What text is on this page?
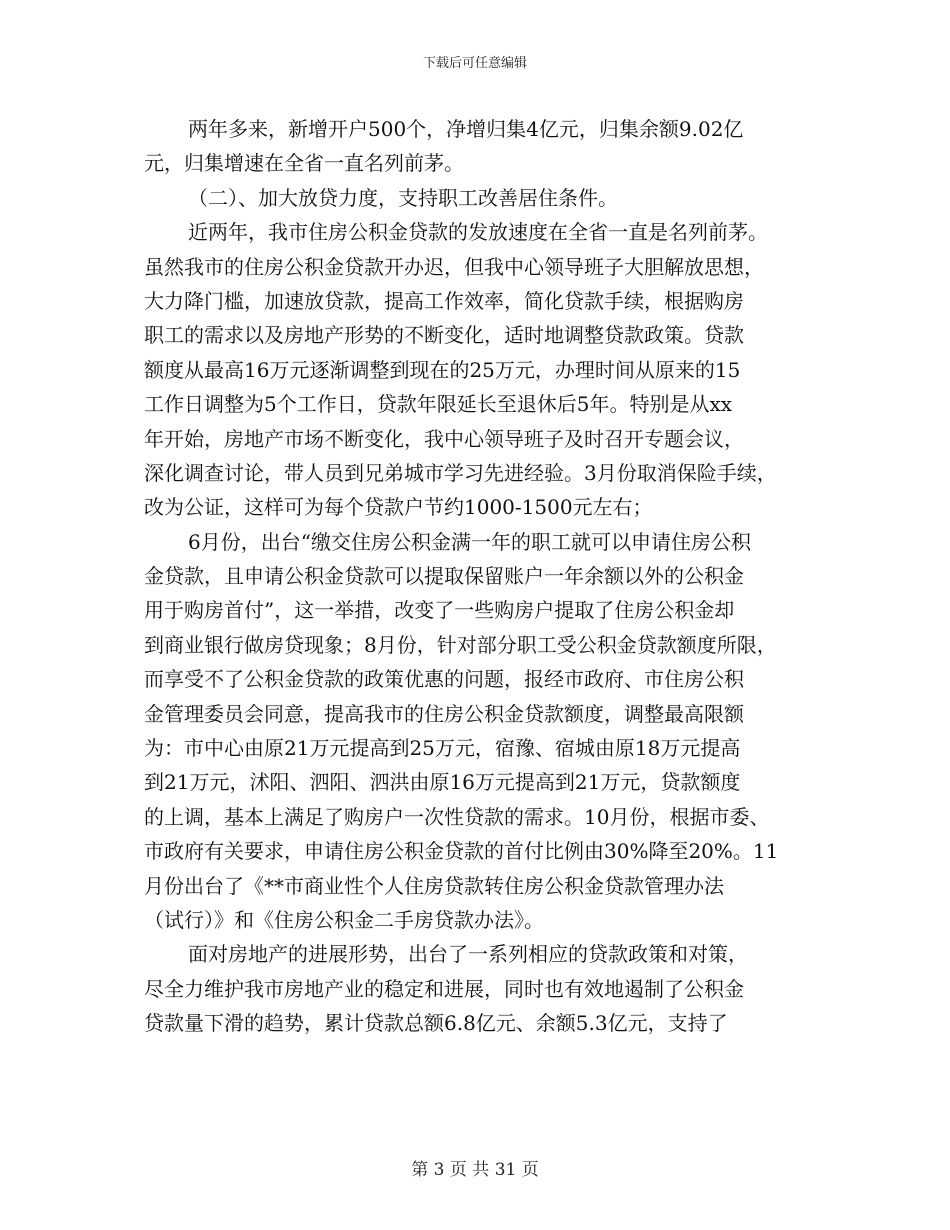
下载后可任意编辑
两年多来，新增开户500个，净增归集4亿元，归集余额9.02亿
元，归集增速在全省一直名列前茅。
（二）、加大放贷力度，支持职工改善居住条件。
近两年，我市住房公积金贷款的发放速度在全省一直是名列前茅。
虽然我市的住房公积金贷款开办迟，但我中心领导班子大胆解放思想，
大力降门槛，加速放贷款，提高工作效率，简化贷款手续，根据购房
职工的需求以及房地产形势的不断变化，适时地调整贷款政策。贷款
额度从最高16万元逐渐调整到现在的25万元，办理时间从原来的15
工作日调整为5个工作日，贷款年限延长至退休后5年。特别是从xx
年开始，房地产市场不断变化，我中心领导班子及时召开专题会议，
深化调查讨论，带人员到兄弟城市学习先进经验。3月份取消保险手续，
改为公证，这样可为每个贷款户节约1000-1500元左右；
6月份，出台“缴交住房公积金满一年的职工就可以申请住房公积
金贷款，且申请公积金贷款可以提取保留账户一年余额以外的公积金
用于购房首付”，这一举措，改变了一些购房户提取了住房公积金却
到商业银行做房贷现象；8月份，针对部分职工受公积金贷款额度所限，
而享受不了公积金贷款的政策优惠的问题，报经市政府、市住房公积
金管理委员会同意，提高我市的住房公积金贷款额度，调整最高限额
为：市中心由原21万元提高到25万元，宿豫、宿城由原18万元提高
到21万元，沭阳、泗阳、泗洪由原16万元提高到21万元，贷款额度
的上调，基本上满足了购房户一次性贷款的需求。10月份，根据市委、
市政府有关要求，申请住房公积金贷款的首付比例由30%降至20%。11
月份出台了《**市商业性个人住房贷款转住房公积金贷款管理办法
（试行）》和《住房公积金二手房贷款办法》。
面对房地产的进展形势，出台了一系列相应的贷款政策和对策，
尽全力维护我市房地产业的稳定和进展，同时也有效地遏制了公积金
贷款量下滑的趋势，累计贷款总额6.8亿元、余额5.3亿元，支持了
第 3 页 共 31 页
